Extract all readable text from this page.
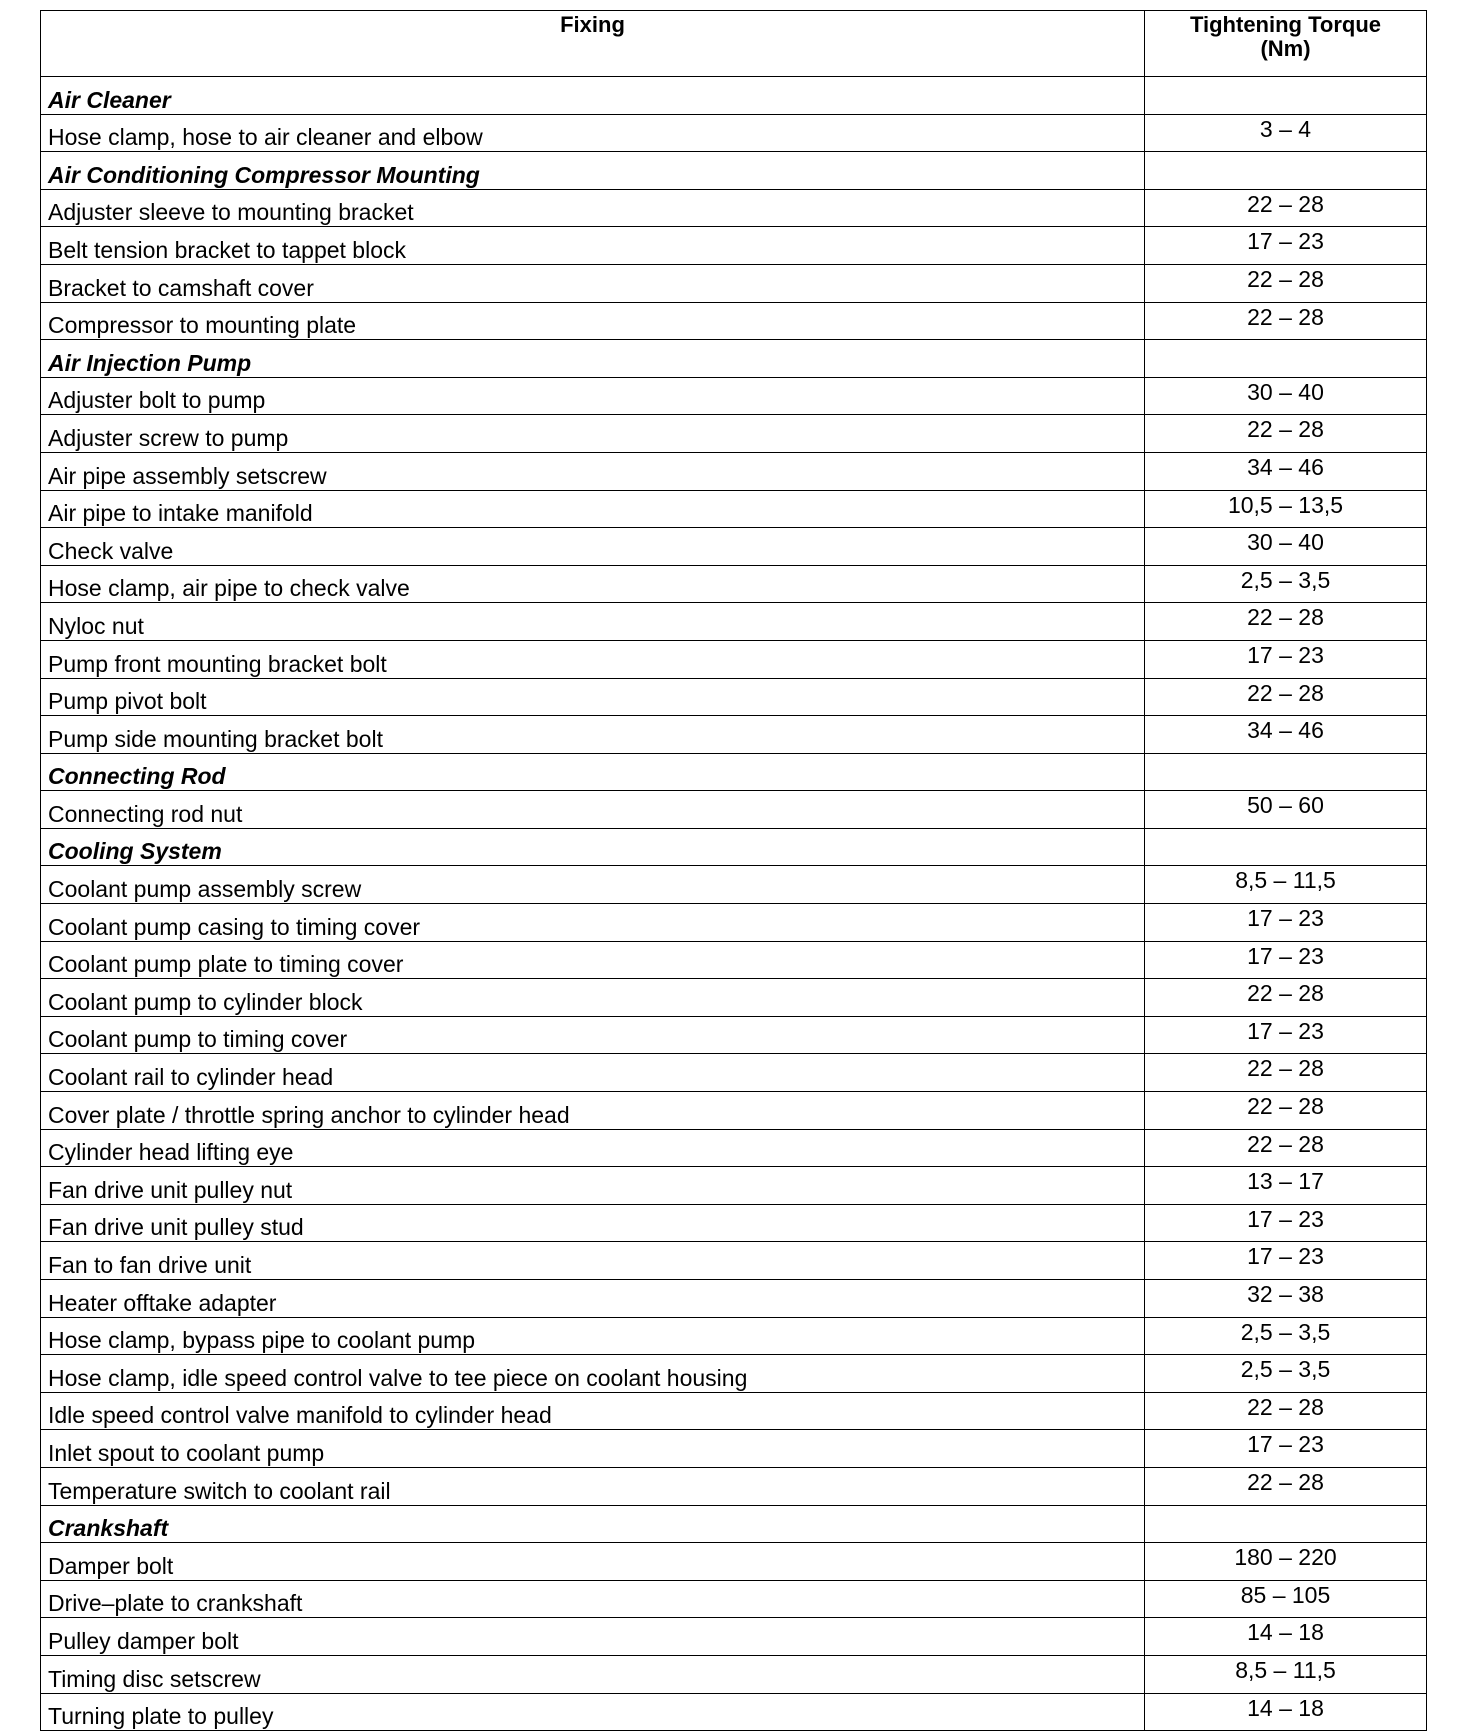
Fixing	Tightening Torque
(Nm)
Air Cleaner	
Hose clamp, hose to air cleaner and elbow	3 – 4
Air Conditioning Compressor Mounting	
Adjuster sleeve to mounting bracket	22 – 28
Belt tension bracket to tappet block	17 – 23
Bracket to camshaft cover	22 – 28
Compressor to mounting plate	22 – 28
Air Injection Pump	
Adjuster bolt to pump	30 – 40
Adjuster screw to pump	22 – 28
Air pipe assembly setscrew	34 – 46
Air pipe to intake manifold	10,5 – 13,5
Check valve	30 – 40
Hose clamp, air pipe to check valve	2,5 – 3,5
Nyloc nut	22 – 28
Pump front mounting bracket bolt	17 – 23
Pump pivot bolt	22 – 28
Pump side mounting bracket bolt	34 – 46
Connecting Rod	
Connecting rod nut	50 – 60
Cooling System	
Coolant pump assembly screw	8,5 – 11,5
Coolant pump casing to timing cover	17 – 23
Coolant pump plate to timing cover	17 – 23
Coolant pump to cylinder block	22 – 28
Coolant pump to timing cover	17 – 23
Coolant rail to cylinder head	22 – 28
Cover plate / throttle spring anchor to cylinder head	22 – 28
Cylinder head lifting eye	22 – 28
Fan drive unit pulley nut	13 – 17
Fan drive unit pulley stud	17 – 23
Fan to fan drive unit	17 – 23
Heater offtake adapter	32 – 38
Hose clamp, bypass pipe to coolant pump	2,5 – 3,5
Hose clamp, idle speed control valve to tee piece on coolant housing	2,5 – 3,5
Idle speed control valve manifold to cylinder head	22 – 28
Inlet spout to coolant pump	17 – 23
Temperature switch to coolant rail	22 – 28
Crankshaft	
Damper bolt	180 – 220
Drive–plate to crankshaft	85 – 105
Pulley damper bolt	14 – 18
Timing disc setscrew	8,5 – 11,5
Turning plate to pulley	14 – 18
